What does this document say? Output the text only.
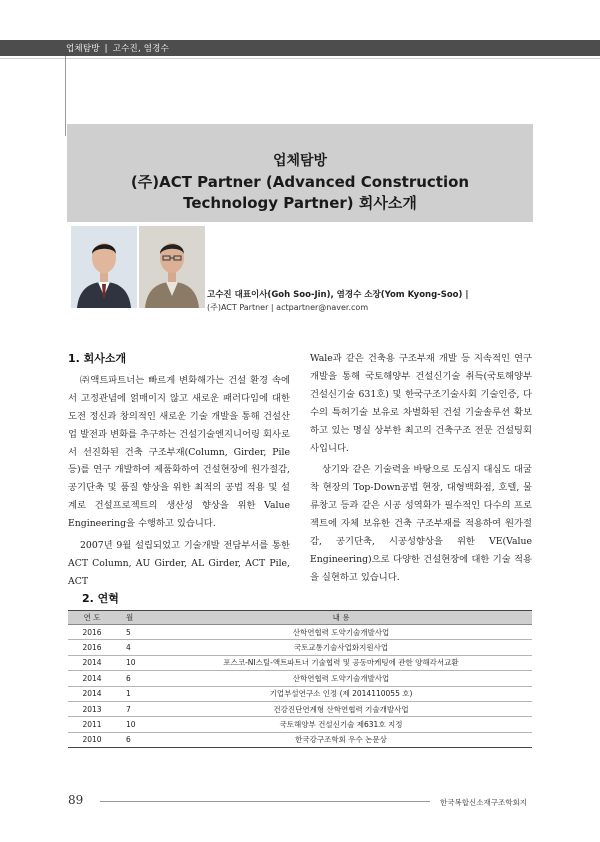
업체탐방 | 고수진, 염경수
업체탐방
(주)ACT Partner (Advanced Construction
Technology Partner) 회사소개
고수진 대표이사(Goh Soo-Jin), 염경수 소장(Yom Kyong-Soo) |
(주)ACT Partner | actpartner@naver.com
1. 회사소개

㈜액트파트너는 빠르게 변화해가는 건설 환경 속에서 고정관념에 얽매이지 않고 새로운 패러다임에 대한 도전 정신과 창의적인 새로운 기술 개발을 통해 건설산업 발전과 변화를 추구하는 건설기술엔지니어링 회사로서 선진화된 건축 구조부재(Column, Girder, Pile 등)를 연구 개발하여 제품화하여 건설현장에 원가절감, 공기단축 및 품질 향상을 위한 최적의 공법 적용 및 설계로 건설프로젝트의 생산성 향상을 위한 Value Engineering을 수행하고 있습니다.

2007년 9월 설립되었고 기술개발 전담부서를 통한 ACT Column, AU Girder, AL Girder, ACT Pile, ACT

Wale과 같은 건축용 구조부재 개발 등 지속적인 연구개발을 통해 국토해양부 건설신기술 취득(국토해양부 건설신기술 631호) 및 한국구조기술사회 기술인증, 다수의 특허기술 보유로 차별화된 건설 기술솔루션 확보하고 있는 명실 상부한 최고의 건축구조 전문 건설팅회사입니다.

상기와 같은 기술력을 바탕으로 도심지 대심도 대굴착 현장의 Top-Down공법 현장, 대형백화점, 호텔, 물류창고 등과 같은 시공 성역화가 필수적인 다수의 프로젝트에 자체 보유한 건축 구조부재를 적용하여 원가절감, 공기단축, 시공성향상을 위한 VE(Value Engineering)으로 다양한 건설현장에 대한 기술 적용을 실현하고 있습니다.

2. 연혁
연 도	월	내 용
2016	5	산학연협력 도약기술개발사업
2016	4	국토교통기술사업화지원사업
2014	10	포스코-NI스틸-액트파트너 기술협력 및 공동마케팅에 관한 양해각서교환
2014	6	산학연협력 도약기술개발사업
2014	1	기업부설연구소 인정 (제 2014110055 호)
2013	7	건강진단연계형 산학연협력 기술개발사업
2011	10	국토해양부 건설신기술 제631호 지정
2010	6	한국강구조학회 우수 논문상
89	한국복합신소재구조학회지
